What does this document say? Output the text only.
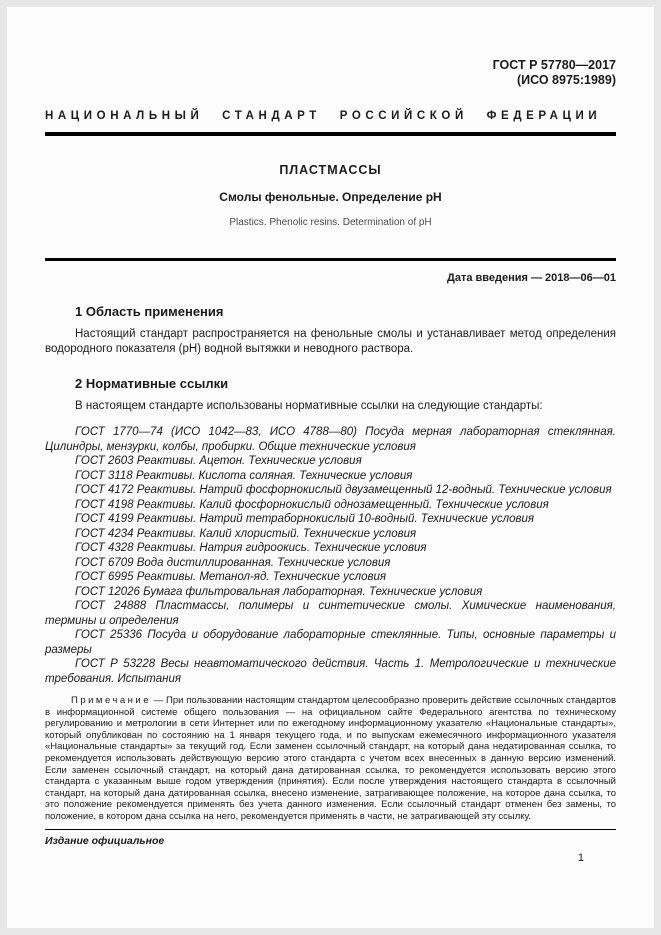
ГОСТ Р 57780—2017
(ИСО 8975:1989)
НАЦИОНАЛЬНЫЙ СТАНДАРТ РОССИЙСКОЙ ФЕДЕРАЦИИ
ПЛАСТМАССЫ
Смолы фенольные. Определение pH
Plastics. Phenolic resins. Determination of pH
Дата введения — 2018—06—01
1 Область применения

Настоящий стандарт распространяется на фенольные смолы и устанавливает метод определения водородного показателя (pH) водной вытяжки и неводного раствора.

2 Нормативные ссылки

В настоящем стандарте использованы нормативные ссылки на следующие стандарты:

ГОСТ 1770—74 (ИСО 1042—83, ИСО 4788—80) Посуда мерная лабораторная стеклянная. Цилиндры, мензурки, колбы, пробирки. Общие технические условия

ГОСТ 2603 Реактивы. Ацетон. Технические условия

ГОСТ 3118 Реактивы. Кислота соляная. Технические условия

ГОСТ 4172 Реактивы. Натрий фосфорнокислый двузамещенный 12-водный. Технические условия

ГОСТ 4198 Реактивы. Калий фосфорнокислый однозамещенный. Технические условия

ГОСТ 4199 Реактивы. Натрий тетраборнокислый 10-водный. Технические условия

ГОСТ 4234 Реактивы. Калий хлористый. Технические условия

ГОСТ 4328 Реактивы. Натрия гидроокись. Технические условия

ГОСТ 6709 Вода дистиллированная. Технические условия

ГОСТ 6995 Реактивы. Метанол-яд. Технические условия

ГОСТ 12026 Бумага фильтровальная лабораторная. Технические условия

ГОСТ 24888 Пластмассы, полимеры и синтетические смолы. Химические наименования, термины и определения

ГОСТ 25336 Посуда и оборудование лабораторные стеклянные. Типы, основные параметры и размеры

ГОСТ Р 53228 Весы неавтоматического действия. Часть 1. Метрологические и технические требования. Испытания

Примечание — При пользовании настоящим стандартом целесообразно проверить действие ссылочных стандартов в информационной системе общего пользования — на официальном сайте Федерального агентства по техническому регулированию и метрологии в сети Интернет или по ежегодному информационному указателю «Национальные стандарты», который опубликован по состоянию на 1 января текущего года, и по выпускам ежемесячного информационного указателя «Национальные стандарты» за текущий год. Если заменен ссылочный стандарт, на который дана недатированная ссылка, то рекомендуется использовать действующую версию этого стандарта с учетом всех внесенных в данную версию изменений. Если заменен ссылочный стандарт, на который дана датированная ссылка, то рекомендуется использовать версию этого стандарта с указанным выше годом утверждения (принятия). Если после утверждения настоящего стандарта в ссылочный стандарт, на который дана датированная ссылка, внесено изменение, затрагивающее положение, на которое дана ссылка, то это положение рекомендуется применять без учета данного изменения. Если ссылочный стандарт отменен без замены, то положение, в котором дана ссылка на него, рекомендуется применять в части, не затрагивающей эту ссылку.

Издание официальное
1
